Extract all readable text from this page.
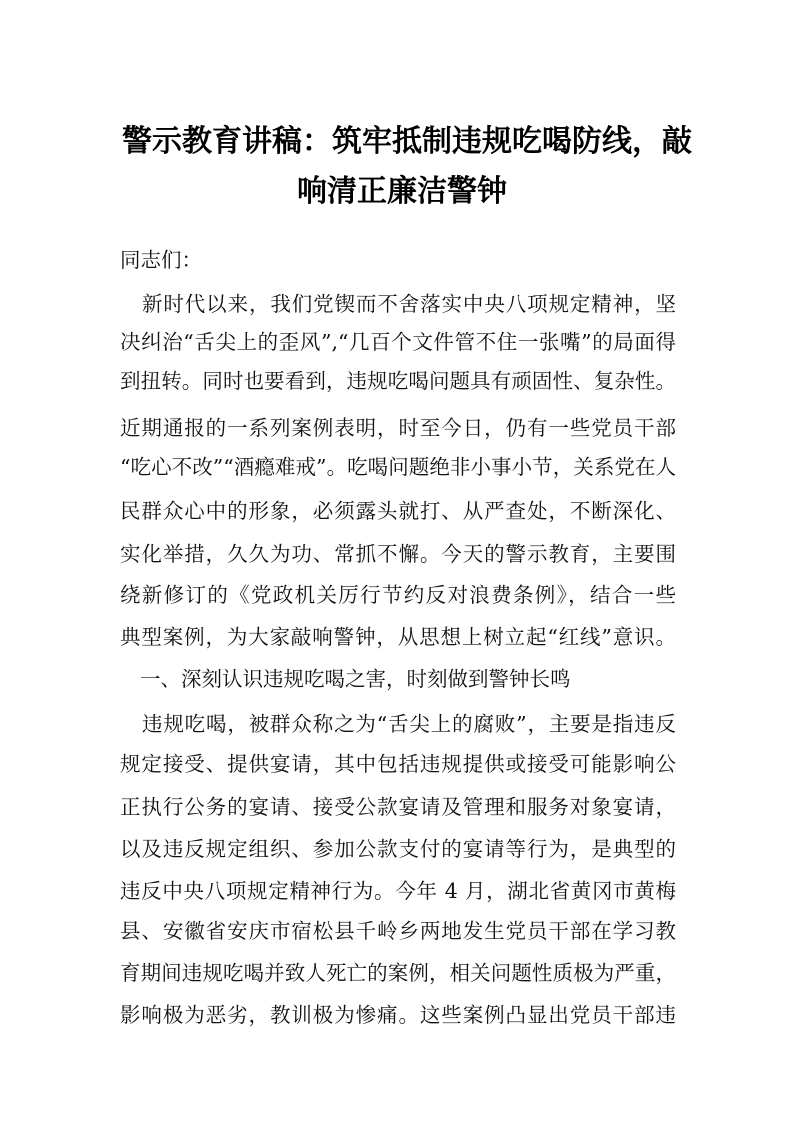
警示教育讲稿：筑牢抵制违规吃喝防线，敲
响清正廉洁警钟
同志们：
新时代以来，我们党锲而不舍落实中央八项规定精神，坚
决纠治“舌尖上的歪风”,“几百个文件管不住一张嘴”的局面得
到扭转。同时也要看到，违规吃喝问题具有顽固性、复杂性。
近期通报的一系列案例表明，时至今日，仍有一些党员干部
“吃心不改”“酒瘾难戒”。吃喝问题绝非小事小节，关系党在人
民群众心中的形象，必须露头就打、从严查处，不断深化、
实化举措，久久为功、常抓不懈。今天的警示教育，主要围
绕新修订的《党政机关厉行节约反对浪费条例》，结合一些
典型案例，为大家敲响警钟，从思想上树立起“红线”意识。
一、深刻认识违规吃喝之害，时刻做到警钟长鸣
违规吃喝，被群众称之为“舌尖上的腐败”，主要是指违反
规定接受、提供宴请，其中包括违规提供或接受可能影响公
正执行公务的宴请、接受公款宴请及管理和服务对象宴请，
以及违反规定组织、参加公款支付的宴请等行为，是典型的
违反中央八项规定精神行为。今年 4 月，湖北省黄冈市黄梅
县、安徽省安庆市宿松县千岭乡两地发生党员干部在学习教
育期间违规吃喝并致人死亡的案例，相关问题性质极为严重，
影响极为恶劣，教训极为惨痛。这些案例凸显出党员干部违
